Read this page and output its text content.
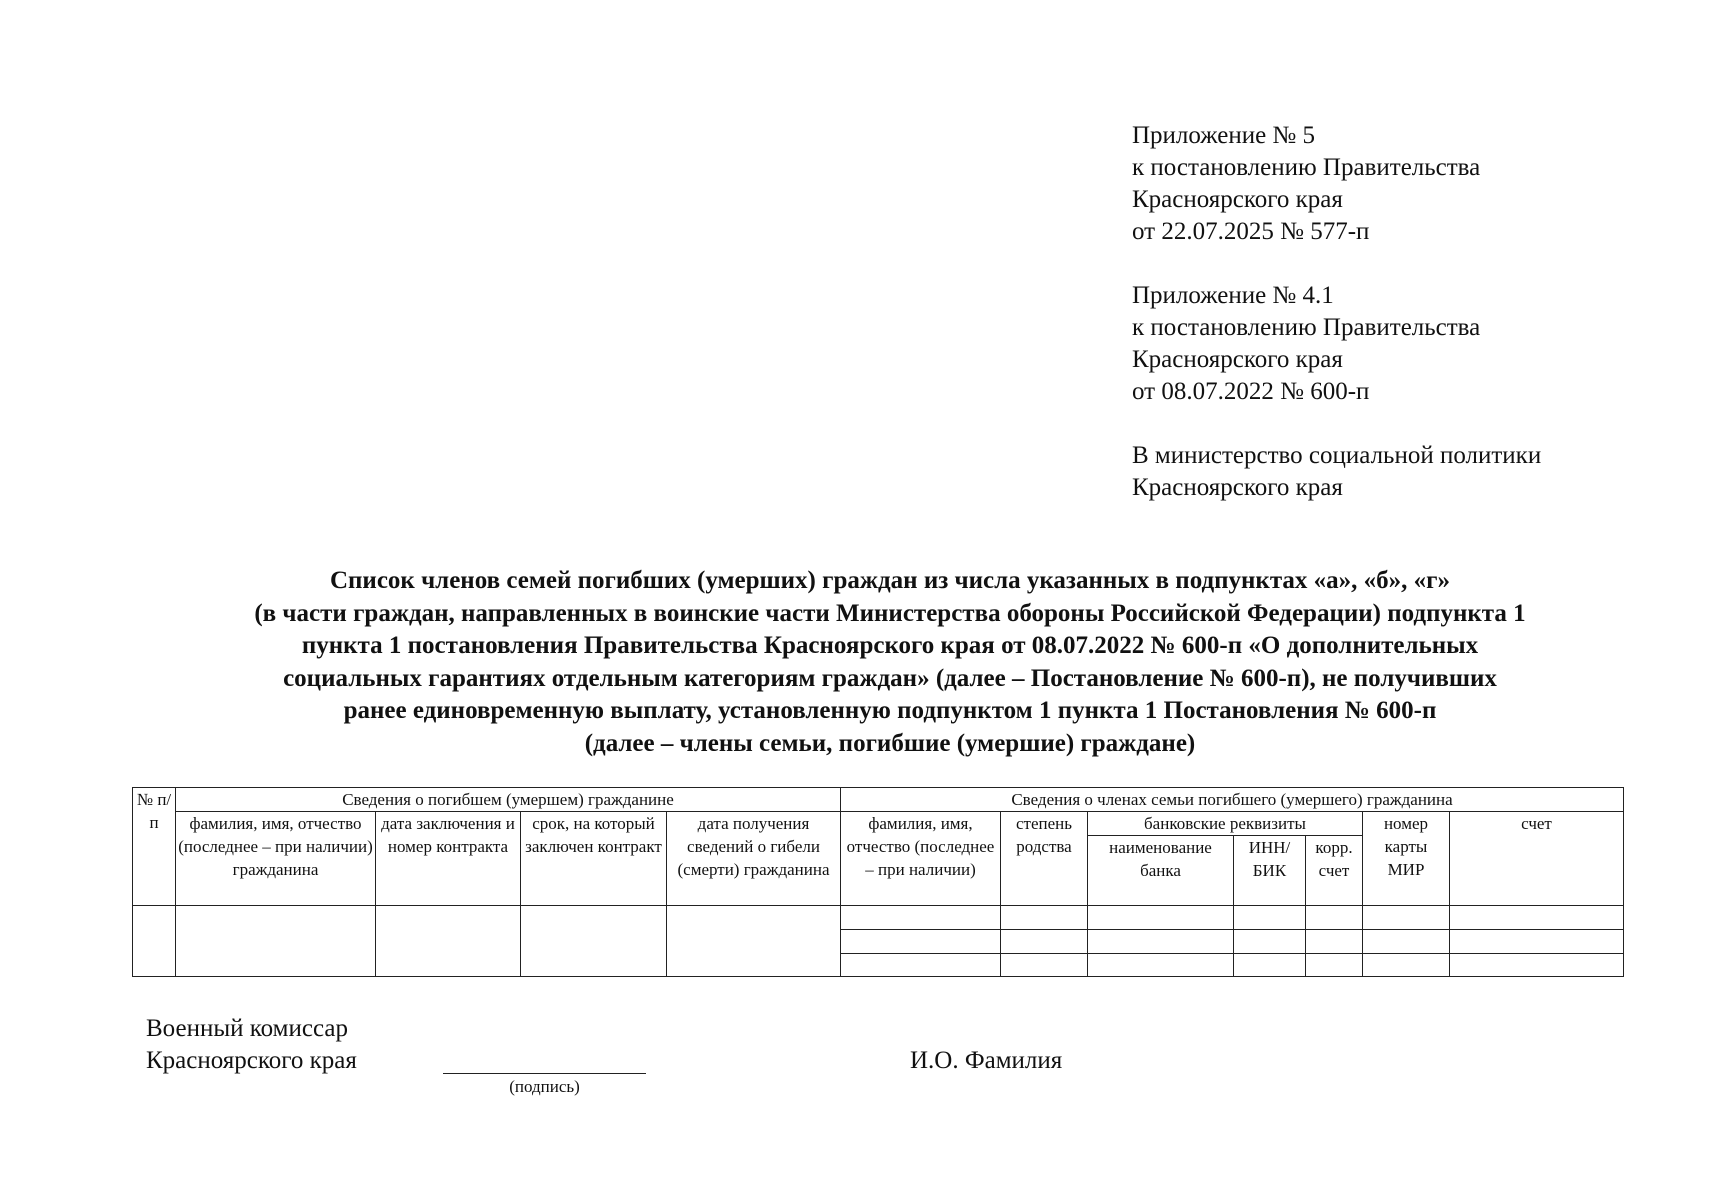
Приложение № 5
к постановлению Правительства
Красноярского края
от 22.07.2025 № 577-п
Приложение № 4.1
к постановлению Правительства
Красноярского края
от 08.07.2022 № 600-п
В министерство социальной политики
Красноярского края
Список членов семей погибших (умерших) граждан из числа указанных в подпунктах «а», «б», «г»
(в части граждан, направленных в воинские части Министерства обороны Российской Федерации) подпункта 1
пункта 1 постановления Правительства Красноярского края от 08.07.2022 № 600-п «О дополнительных
социальных гарантиях отдельным категориям граждан» (далее – Постановление № 600-п), не получивших
ранее единовременную выплату, установленную подпунктом 1 пункта 1 Постановления № 600-п
(далее – члены семьи, погибшие (умершие) граждане)
№ п/п	Сведения о погибшем (умершем) гражданине				Сведения о членах семьи погибшего (умершего) гражданина						
	фамилия, имя, отчество (последнее – при наличии) гражданина	дата заключения и номер контракта	срок, на который заключен контракт	дата получения сведений о гибели (смерти) гражданина	фамилия, имя, отчество (последнее – при наличии)	степень родства	банковские реквизиты			номер карты МИР	счет
							наименование банка	ИНН/ БИК	корр. счет		

Военный комиссар
Красноярского края
(подпись)
И.О. Фамилия
